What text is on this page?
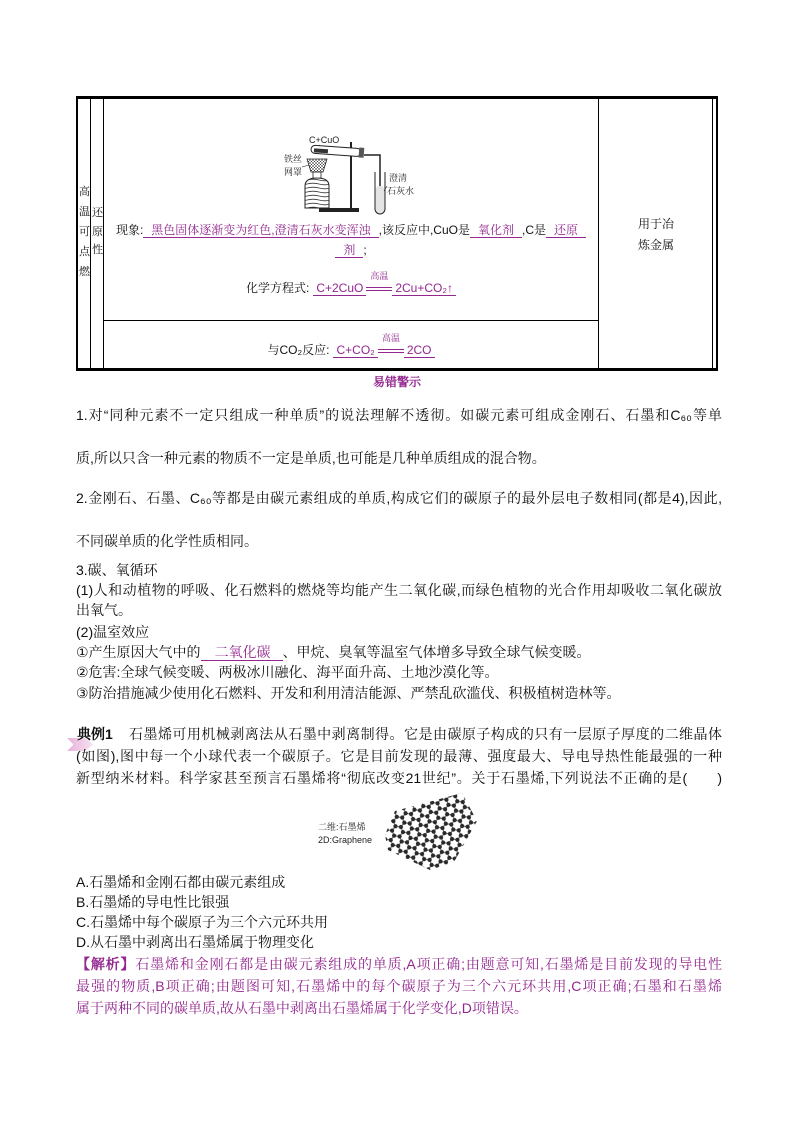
高温可点燃
还原性
C+CuO
铁丝
网罩
澄清
石灰水
现象: 黑色固体逐渐变为红色,澄清石灰水变浑浊 ,该反应中,CuO是 氧化剂 ,C是 还原
剂 ;
化学方程式: C+2CuO
高温
2Cu+CO₂↑
与CO₂反应: C+CO₂
高温
2CO
用于冶炼金属
易错警示
1.对“同种元素不一定只组成一种单质”的说法理解不透彻。如碳元素可组成金刚石、石墨和C₆₀等单
质,所以只含一种元素的物质不一定是单质,也可能是几种单质组成的混合物。
2.金刚石、石墨、C₆₀等都是由碳元素组成的单质,构成它们的碳原子的最外层电子数相同(都是4),因此,
不同碳单质的化学性质相同。
3.碳、氧循环
(1)人和动植物的呼吸、化石燃料的燃烧等均能产生二氧化碳,而绿色植物的光合作用却吸收二氧化碳放
出氧气。
(2)温室效应
①产生原因大气中的 二氧化碳 、甲烷、臭氧等温室气体增多导致全球气候变暖。
②危害:全球气候变暖、两极冰川融化、海平面升高、土地沙漠化等。
③防治措施减少使用化石燃料、开发和利用清洁能源、严禁乱砍滥伐、积极植树造林等。
典例1	石墨烯可用机械剥离法从石墨中剥离制得。它是由碳原子构成的只有一层原子厚度的二维晶体
(如图),图中每一个小球代表一个碳原子。它是目前发现的最薄、强度最大、导电导热性能最强的一种
新型纳米材料。科学家甚至预言石墨烯将“彻底改变21世纪”。关于石墨烯,下列说法不正确的是(　　)
二维:石墨烯
2D:Graphene
A.石墨烯和金刚石都由碳元素组成
B.石墨烯的导电性比银强
C.石墨烯中每个碳原子为三个六元环共用
D.从石墨中剥离出石墨烯属于物理变化
【解析】石墨烯和金刚石都是由碳元素组成的单质,A项正确;由题意可知,石墨烯是目前发现的导电性
最强的物质,B项正确;由题图可知,石墨烯中的每个碳原子为三个六元环共用,C项正确;石墨和石墨烯
属于两种不同的碳单质,故从石墨中剥离出石墨烯属于化学变化,D项错误。
